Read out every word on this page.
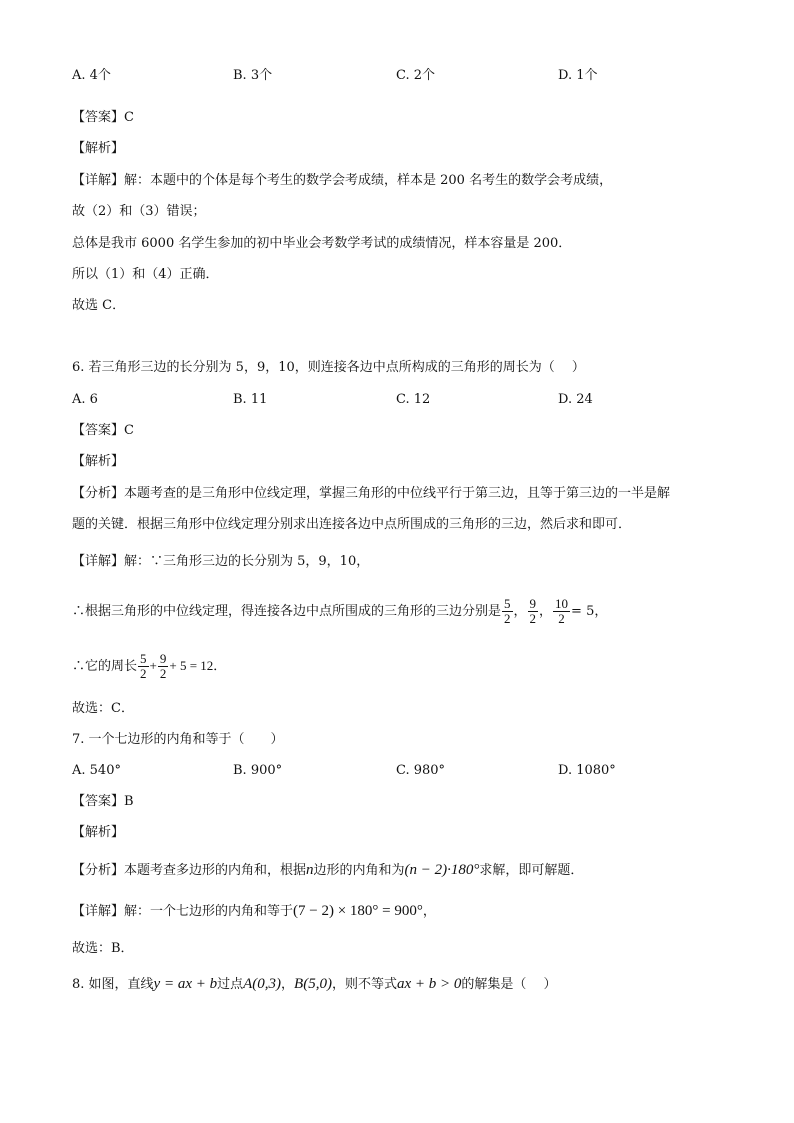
A. 4个	B. 3个	C. 2个	D. 1个
【答案】C
【解析】
【详解】解：本题中的个体是每个考生的数学会考成绩，样本是 200 名考生的数学会考成绩，
故（2）和（3）错误；
总体是我市 6000 名学生参加的初中毕业会考数学考试的成绩情况，样本容量是 200．
所以（1）和（4）正确．
故选 C．
6. 若三角形三边的长分别为 5，9，10，则连接各边中点所构成的三角形的周长为（　 ）
A. 6	B. 11	C. 12	D. 24
【答案】C
【解析】
【分析】本题考查的是三角形中位线定理，掌握三角形的中位线平行于第三边，且等于第三边的一半是解
题的关键．根据三角形中位线定理分别求出连接各边中点所围成的三角形的三边，然后求和即可．
【详解】解：∵三角形三边的长分别为 5，9，10，
∴根据三角形的中位线定理，得连接各边中点所围成的三角形的三边分别是 $\frac{5}{2}$ ， $\frac{9}{2}$ ， $\frac{10}{2} = 5$，
∴它的周长 $\frac{5}{2} + \frac{9}{2} + 5 = 12$．
故选：C．
7. 一个七边形的内角和等于（　　）
A. 540°	B. 900°	C. 980°	D. 1080°
【答案】B
【解析】
【分析】本题考查多边形的内角和，根据n边形的内角和为(n − 2)·180°求解，即可解题．
【详解】解：一个七边形的内角和等于(7 − 2) × 180° = 900°，
故选：B．
8. 如图，直线y = ax + b过点A(0,3)，B(5,0)，则不等式ax + b > 0的解集是（　 ）
